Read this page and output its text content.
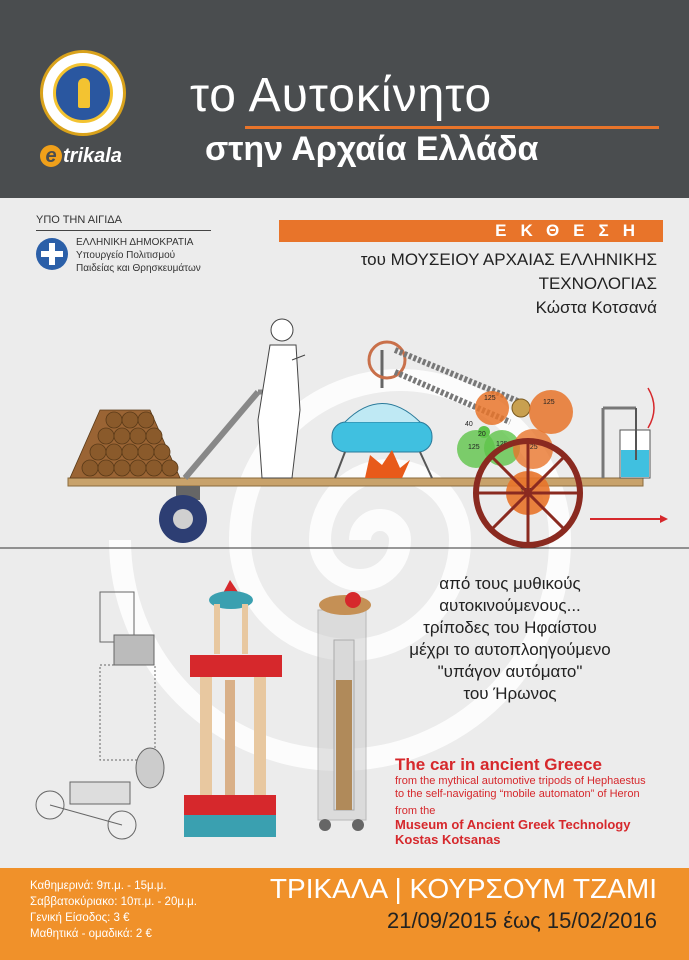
e trikala
το Αυτοκίνητο
στην Αρχαία Ελλάδα
ΥΠΟ ΤΗΝ ΑΙΓΙΔΑ
ΕΛΛΗΝΙΚΗ ΔΗΜΟΚΡΑΤΙΑ
Υπουργείο Πολιτισμού
Παιδείας και Θρησκευμάτων
ΕΚΘΕΣΗ
του ΜΟΥΣΕΙΟΥ ΑΡΧΑΙΑΣ ΕΛΛΗΝΙΚΗΣ
ΤΕΧΝΟΛΟΓΙΑΣ
Κώστα Κοτσανά
125
125
40
20
125 125	125
125
από τους μυθικούς
αυτοκινούμενους...
τρίποδες του Ηφαίστου
μέχρι το αυτοπλοηγούμενο
"υπάγον αυτόματο"
του Ήρωνος
The car in ancient Greece
from the mythical automotive tripods of Hephaestus
to the self-navigating “mobile automaton” of Heron
from the
Museum of Ancient Greek Technology
Kostas Kotsanas
Καθημερινά: 9π.μ. - 15μ.μ.
Σαββατοκύριακο: 10π.μ. - 20μ.μ.
Γενική Είσοδος: 3 €
Μαθητικά - ομαδικά: 2 €
ΤΡΙΚΑΛΑ | ΚΟΥΡΣΟΥΜ ΤΖΑΜΙ
21/09/2015 έως 15/02/2016
